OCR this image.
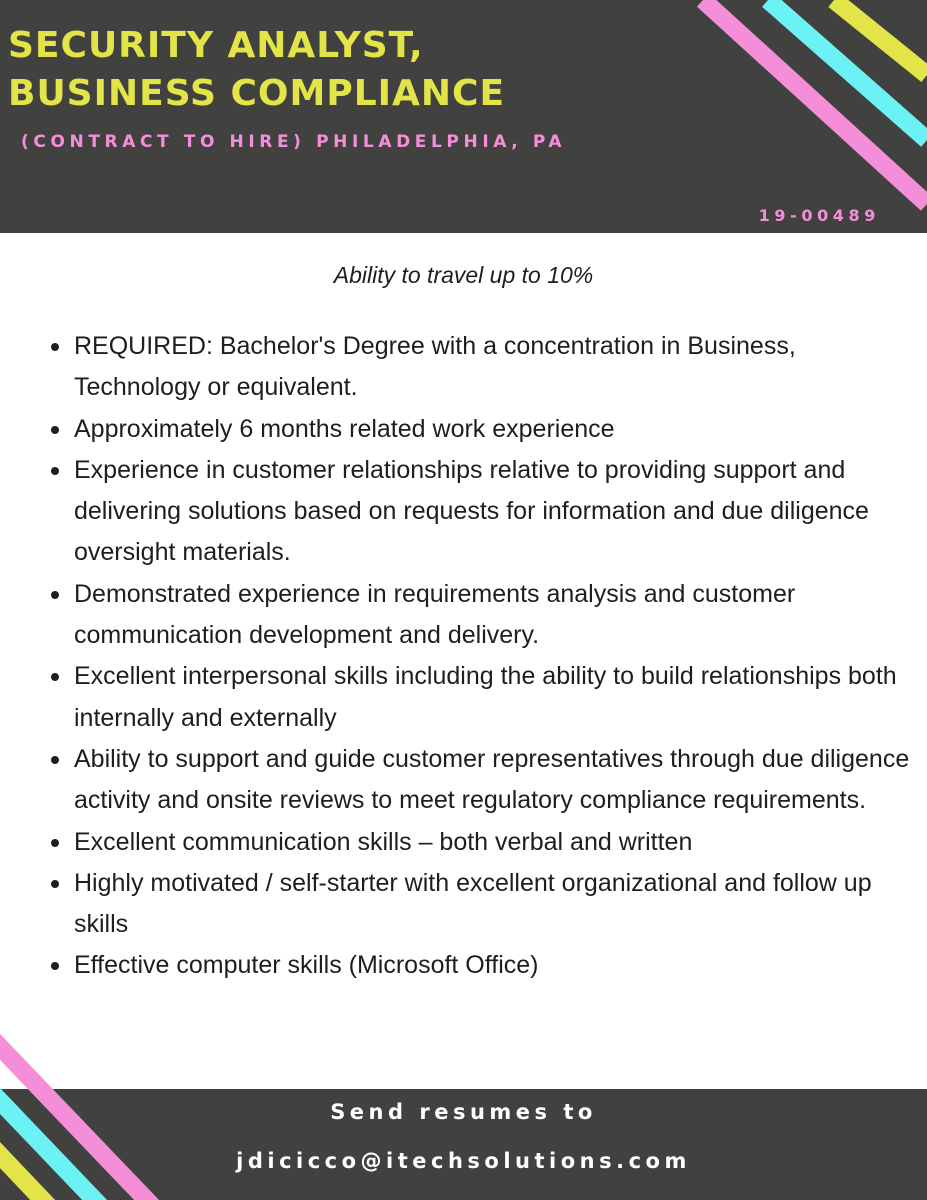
SECURITY ANALYST,
BUSINESS COMPLIANCE
(CONTRACT TO HIRE) PHILADELPHIA, PA
19-00489
Ability to travel up to 10%
REQUIRED: Bachelor's Degree with a concentration in Business, Technology or equivalent.
Approximately 6 months related work experience
Experience in customer relationships relative to providing support and delivering solutions based on requests for information and due diligence oversight materials.
Demonstrated experience in requirements analysis and customer communication development and delivery.
Excellent interpersonal skills including the ability to build relationships both internally and externally
Ability to support and guide customer representatives through due diligence activity and onsite reviews to meet regulatory compliance requirements.
Excellent communication skills – both verbal and written
Highly motivated / self-starter with excellent organizational and follow up skills
Effective computer skills (Microsoft Office)
Send resumes to
jdicicco@itechsolutions.com
